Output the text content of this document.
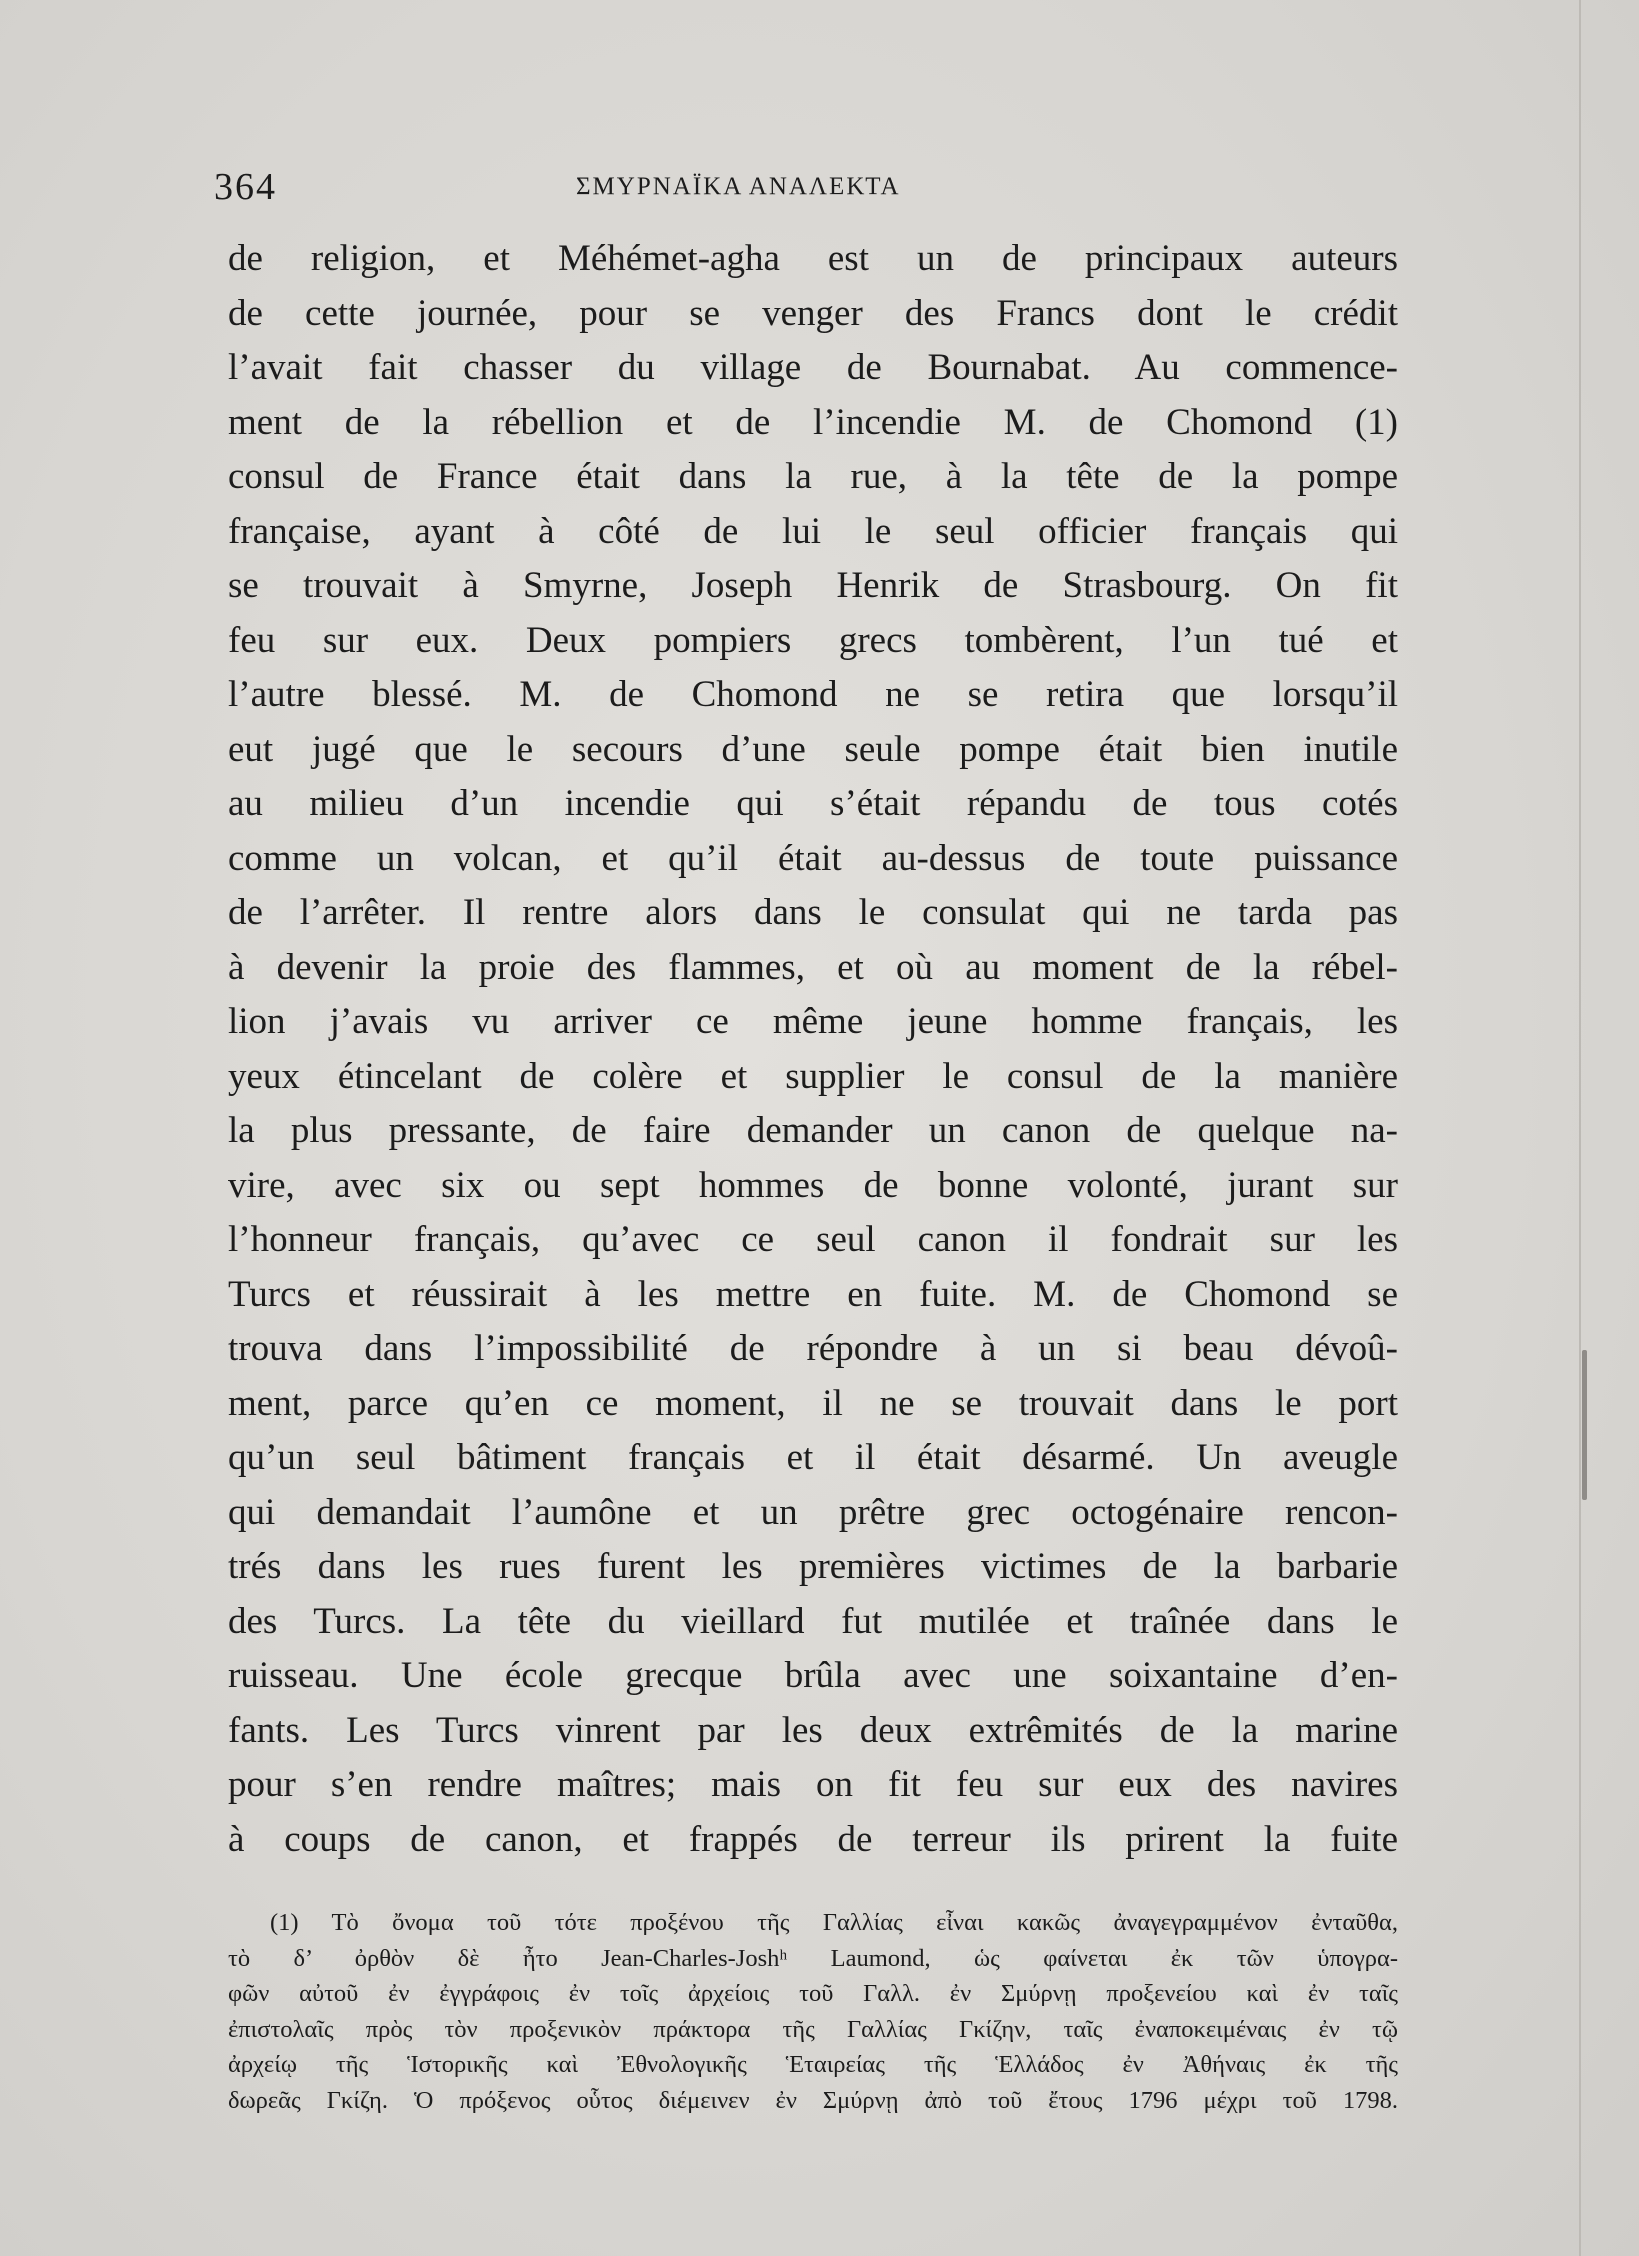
364	ΣΜΥΡΝΑΪΚΑ ΑΝΑΛΕΚΤΑ
de religion, et Méhémet-agha est un de principaux auteurs
de cette journée, pour se venger des Francs dont le crédit
l’avait fait chasser du village de Bournabat. Au commence-
ment de la rébellion et de l’incendie M. de Chomond (1)
consul de France était dans la rue, à la tête de la pompe
française, ayant à côté de lui le seul officier français qui
se trouvait à Smyrne, Joseph Henrik de Strasbourg. On fit
feu sur eux. Deux pompiers grecs tombèrent, l’un tué et
l’autre blessé. M. de Chomond ne se retira que lorsqu’il
eut jugé que le secours d’une seule pompe était bien inutile
au milieu d’un incendie qui s’était répandu de tous cotés
comme un volcan, et qu’il était au-dessus de toute puissance
de l’arrêter. Il rentre alors dans le consulat qui ne tarda pas
à devenir la proie des flammes, et où au moment de la rébel-
lion j’avais vu arriver ce même jeune homme français, les
yeux étincelant de colère et supplier le consul de la manière
la plus pressante, de faire demander un canon de quelque na-
vire, avec six ou sept hommes de bonne volonté, jurant sur
l’honneur français, qu’avec ce seul canon il fondrait sur les
Turcs et réussirait à les mettre en fuite. M. de Chomond se
trouva dans l’impossibilité de répondre à un si beau dévoû-
ment, parce qu’en ce moment, il ne se trouvait dans le port
qu’un seul bâtiment français et il était désarmé. Un aveugle
qui demandait l’aumône et un prêtre grec octogénaire rencon-
trés dans les rues furent les premières victimes de la barbarie
des Turcs. La tête du vieillard fut mutilée et traînée dans le
ruisseau. Une école grecque brûla avec une soixantaine d’en-
fants. Les Turcs vinrent par les deux extrêmités de la marine
pour s’en rendre maîtres; mais on fit feu sur eux des navires
à coups de canon, et frappés de terreur ils prirent la fuite
(1) Τὸ ὄνομα τοῦ τότε προξένου τῆς Γαλλίας εἶναι κακῶς ἀναγεγραμμένον ἐνταῦθα,
τὸ δ’ ὀρθὸν δὲ ἦτο Jean-Charles-Joshʰ Laumond, ὡς φαίνεται ἐκ τῶν ὑπογρα-
φῶν αὐτοῦ ἐν ἐγγράφοις ἐν τοῖς ἀρχείοις τοῦ Γαλλ. ἐν Σμύρνῃ προξενείου καὶ ἐν ταῖς
ἐπιστολαῖς πρὸς τὸν προξενικὸν πράκτορα τῆς Γαλλίας Γκίζην, ταῖς ἐναποκειμέναις ἐν τῷ
ἀρχείῳ τῆς Ἱστορικῆς καὶ Ἐθνολογικῆς Ἑταιρείας τῆς Ἑλλάδος ἐν Ἀθήναις ἐκ τῆς
δωρεᾶς Γκίζη. Ὁ πρόξενος οὗτος διέμεινεν ἐν Σμύρνῃ ἀπὸ τοῦ ἔτους 1796 μέχρι τοῦ 1798.
